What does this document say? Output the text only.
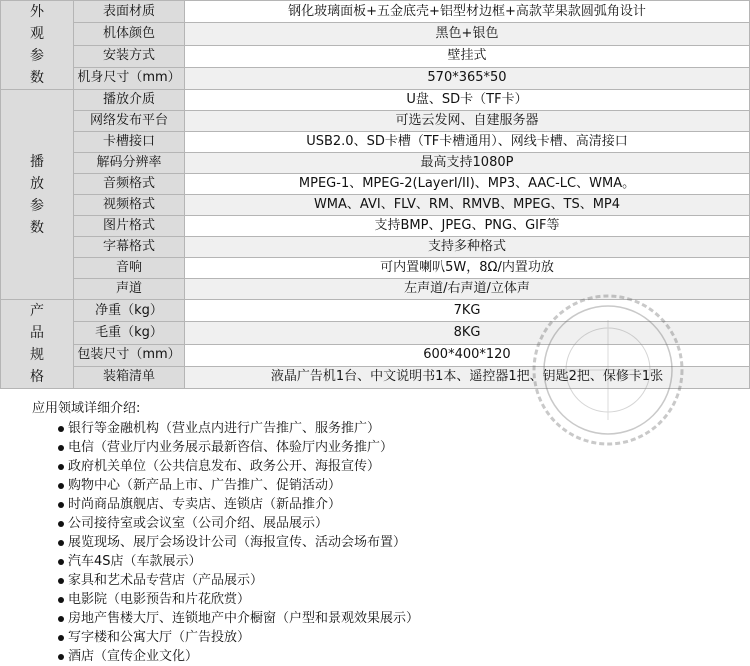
外观参数	表面材质	钢化玻璃面板+五金底壳+铝型材边框+高款苹果款圆弧角设计
	机体颜色	黑色+银色
	安装方式	壁挂式
	机身尺寸（mm）	570*365*50
播放参数	播放介质	U盘、SD卡（TF卡）
	网络发布平台	可选云发网、自建服务器
	卡槽接口	USB2.0、SD卡槽（TF卡槽通用）、网线卡槽、高清接口
	解码分辨率	最高支持1080P
	音频格式	MPEG-1、MPEG-2(LayerI/II)、MP3、AAC-LC、WMA。
	视频格式	WMA、AVI、FLV、RM、RMVB、MPEG、TS、MP4
	图片格式	支持BMP、JPEG、PNG、GIF等
	字幕格式	支持多种格式
	音响	可内置喇叭5W，8Ω/内置功放
	声道	左声道/右声道/立体声
产品规格	净重（kg）	7KG
	毛重（kg）	8KG
	包装尺寸（mm）	600*400*120
	装箱清单	液晶广告机1台、中文说明书1本、遥控器1把、钥匙2把、保修卡1张
应用领域详细介绍:
银行等金融机构（营业点内进行广告推广、服务推广）
电信（营业厅内业务展示最新咨信、体验厅内业务推广）
政府机关单位（公共信息发布、政务公开、海报宣传）
购物中心（新产品上市、广告推广、促销活动）
时尚商品旗舰店、专卖店、连锁店（新品推介）
公司接待室或会议室（公司介绍、展品展示）
展览现场、展厅会场设计公司（海报宣传、活动会场布置）
汽车4S店（车款展示）
家具和艺术品专营店（产品展示）
电影院（电影预告和片花欣赏）
房地产售楼大厅、连锁地产中介橱窗（户型和景观效果展示）
写字楼和公寓大厅（广告投放）
酒店（宣传企业文化）
